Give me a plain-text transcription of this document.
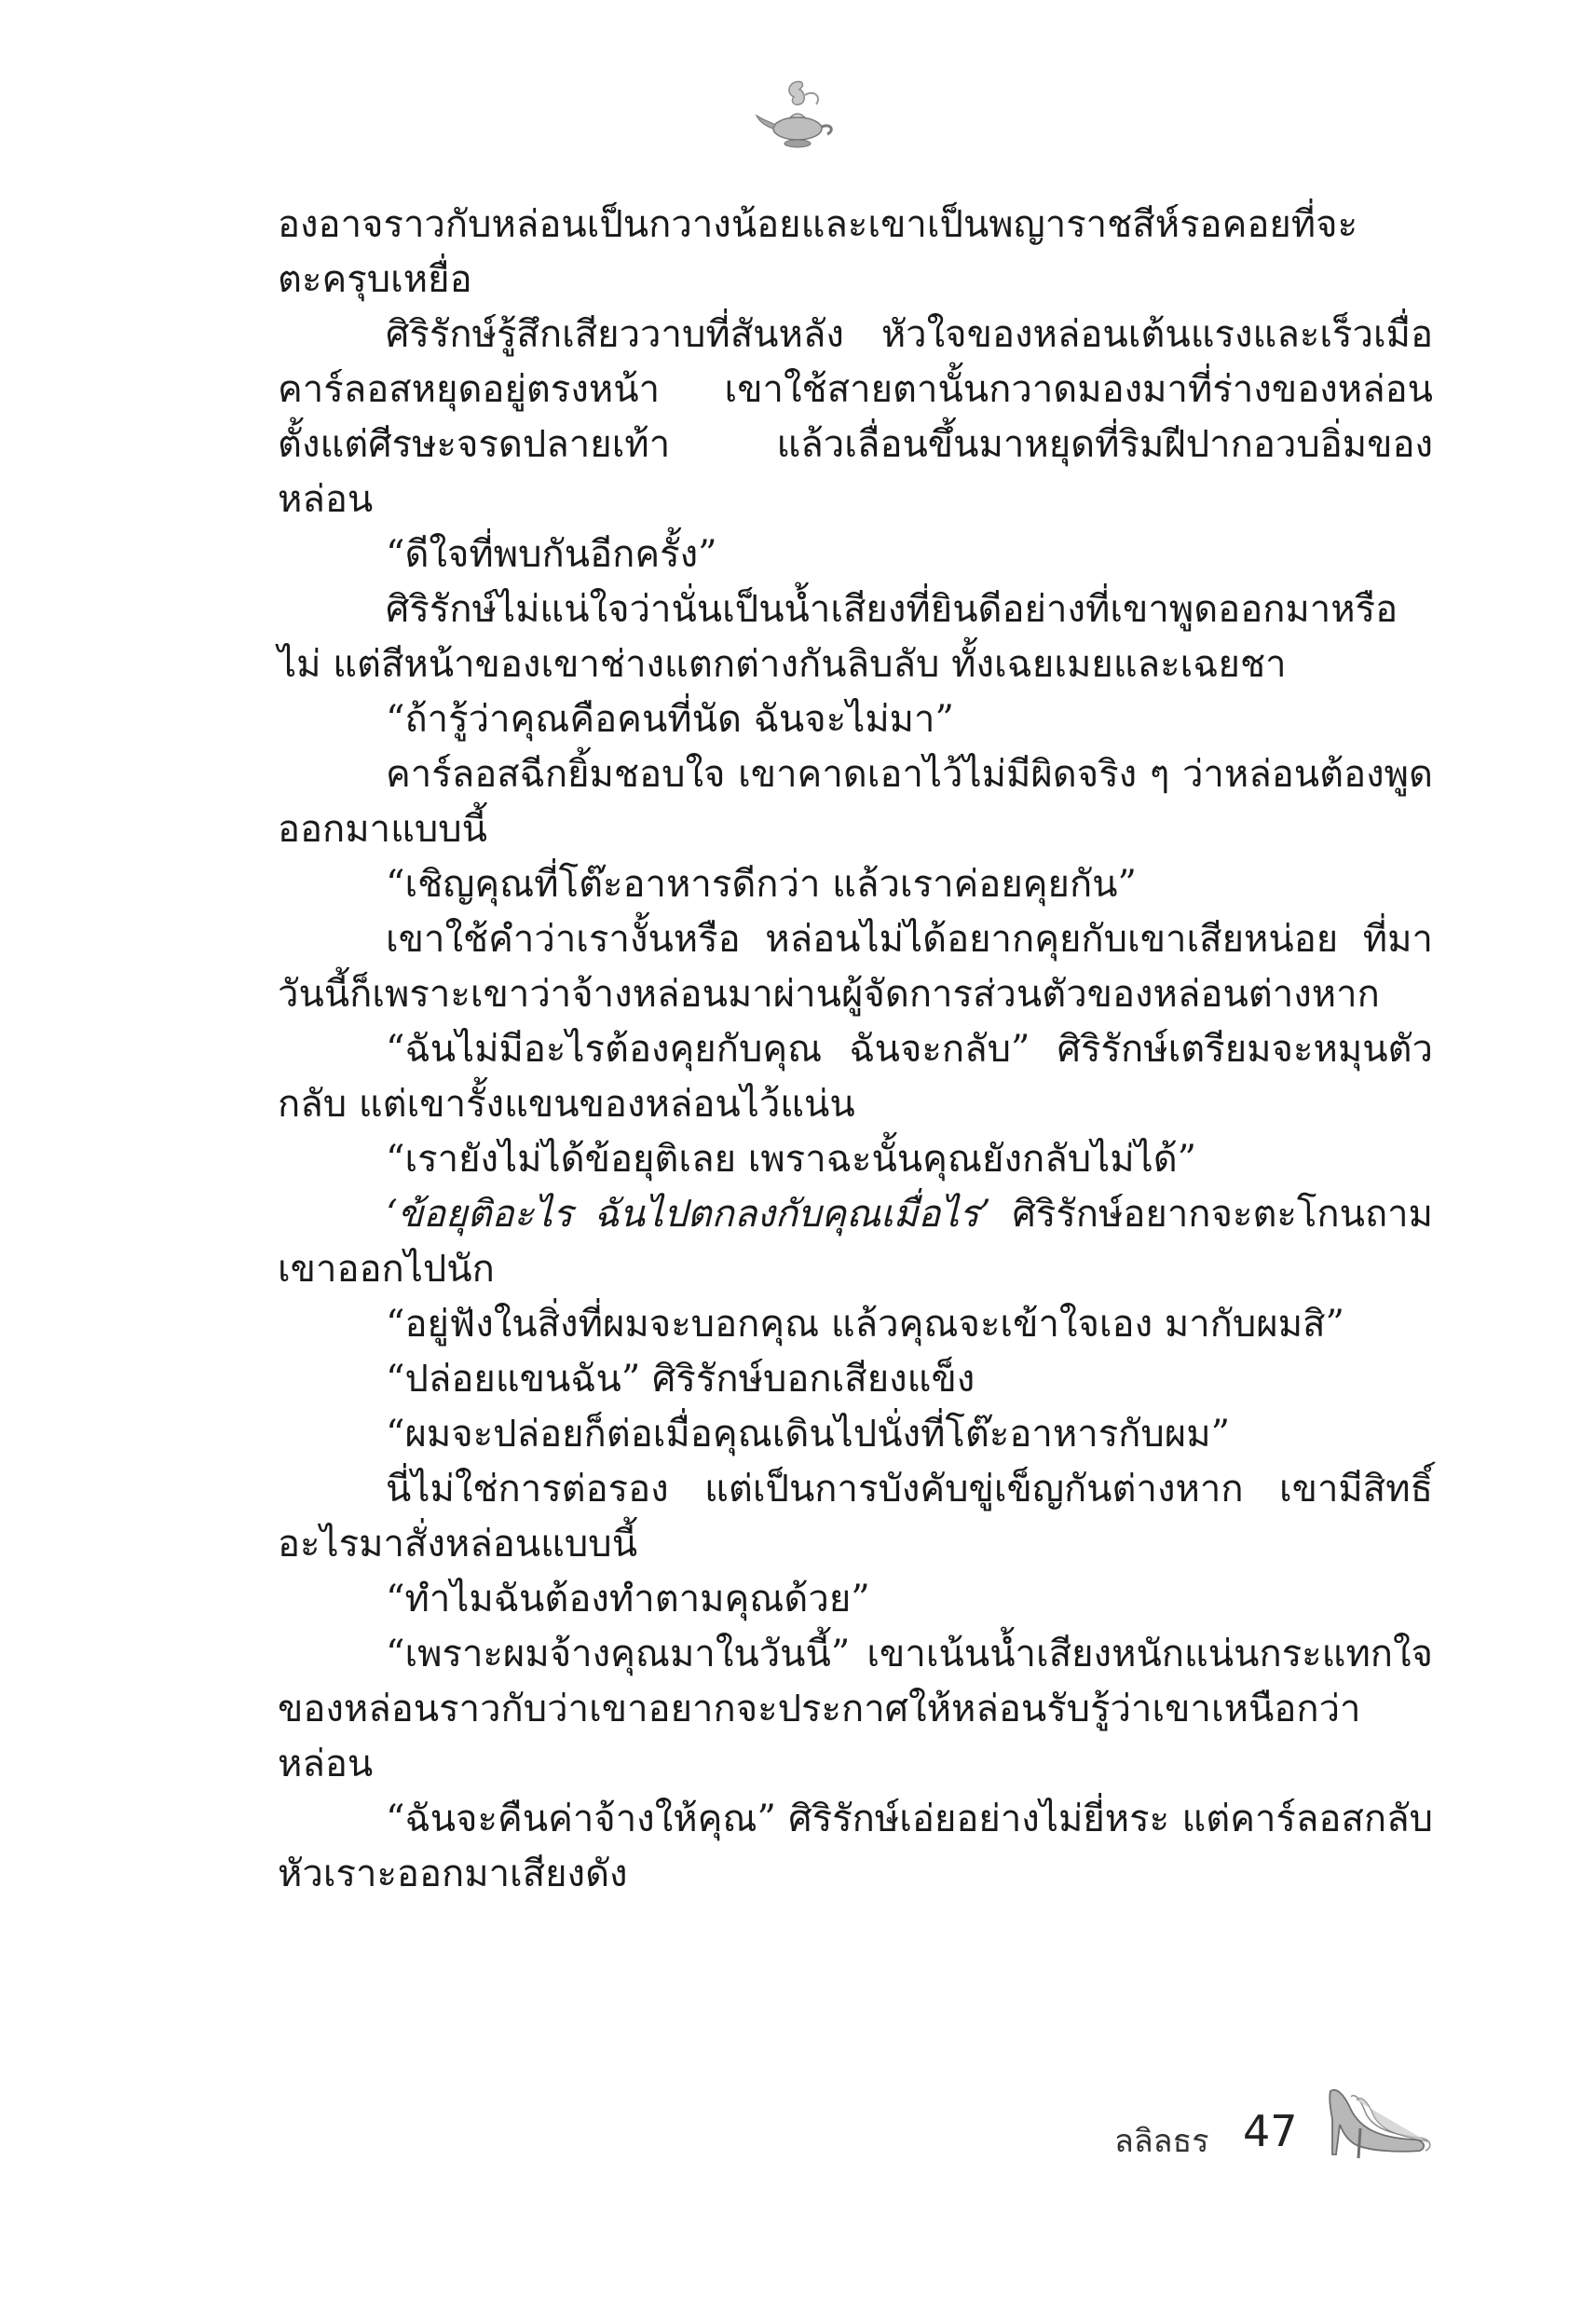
องอาจราวกับหล่อนเป็นกวางน้อยและเขาเป็นพญาราชสีห์รอคอยที่จะตะครุบเหยื่อ

ศิริรักษ์รู้สึกเสียววาบที่สันหลัง หัวใจของหล่อนเต้นแรงและเร็วเมื่อคาร์ลอสหยุดอยู่ตรงหน้า เขาใช้สายตานั้นกวาดมองมาที่ร่างของหล่อนตั้งแต่ศีรษะจรดปลายเท้า แล้วเลื่อนขึ้นมาหยุดที่ริมฝีปากอวบอิ่มของหล่อน

“ดีใจที่พบกันอีกครั้ง”

ศิริรักษ์ไม่แน่ใจว่านั่นเป็นน้ำเสียงที่ยินดีอย่างที่เขาพูดออกมาหรือไม่ แต่สีหน้าของเขาช่างแตกต่างกันลิบลับ ทั้งเฉยเมยและเฉยชา

“ถ้ารู้ว่าคุณคือคนที่นัด ฉันจะไม่มา”

คาร์ลอสฉีกยิ้มชอบใจ เขาคาดเอาไว้ไม่มีผิดจริง ๆ ว่าหล่อนต้องพูดออกมาแบบนี้

“เชิญคุณที่โต๊ะอาหารดีกว่า แล้วเราค่อยคุยกัน”

เขาใช้คำว่าเรางั้นหรือ หล่อนไม่ได้อยากคุยกับเขาเสียหน่อย ที่มาวันนี้ก็เพราะเขาว่าจ้างหล่อนมาผ่านผู้จัดการส่วนตัวของหล่อนต่างหาก

“ฉันไม่มีอะไรต้องคุยกับคุณ ฉันจะกลับ” ศิริรักษ์เตรียมจะหมุนตัวกลับ แต่เขารั้งแขนของหล่อนไว้แน่น

“เรายังไม่ได้ข้อยุติเลย เพราฉะนั้นคุณยังกลับไม่ได้”

‘ข้อยุติอะไร ฉันไปตกลงกับคุณเมื่อไร’ ศิริรักษ์อยากจะตะโกนถาม เขาออกไปนัก

“อยู่ฟังในสิ่งที่ผมจะบอกคุณ แล้วคุณจะเข้าใจเอง มากับผมสิ”

“ปล่อยแขนฉัน” ศิริรักษ์บอกเสียงแข็ง

“ผมจะปล่อยก็ต่อเมื่อคุณเดินไปนั่งที่โต๊ะอาหารกับผม”

นี่ไม่ใช่การต่อรอง แต่เป็นการบังคับขู่เข็ญกันต่างหาก เขามีสิทธิ์อะไรมาสั่งหล่อนแบบนี้

“ทำไมฉันต้องทำตามคุณด้วย”

“เพราะผมจ้างคุณมาในวันนี้” เขาเน้นน้ำเสียงหนักแน่นกระแทกใจของหล่อนราวกับว่าเขาอยากจะประกาศให้หล่อนรับรู้ว่าเขาเหนือกว่าหล่อน

“ฉันจะคืนค่าจ้างให้คุณ” ศิริรักษ์เอ่ยอย่างไม่ยี่หระ แต่คาร์ลอสกลับหัวเราะออกมาเสียงดัง

ลลิลธร 47
